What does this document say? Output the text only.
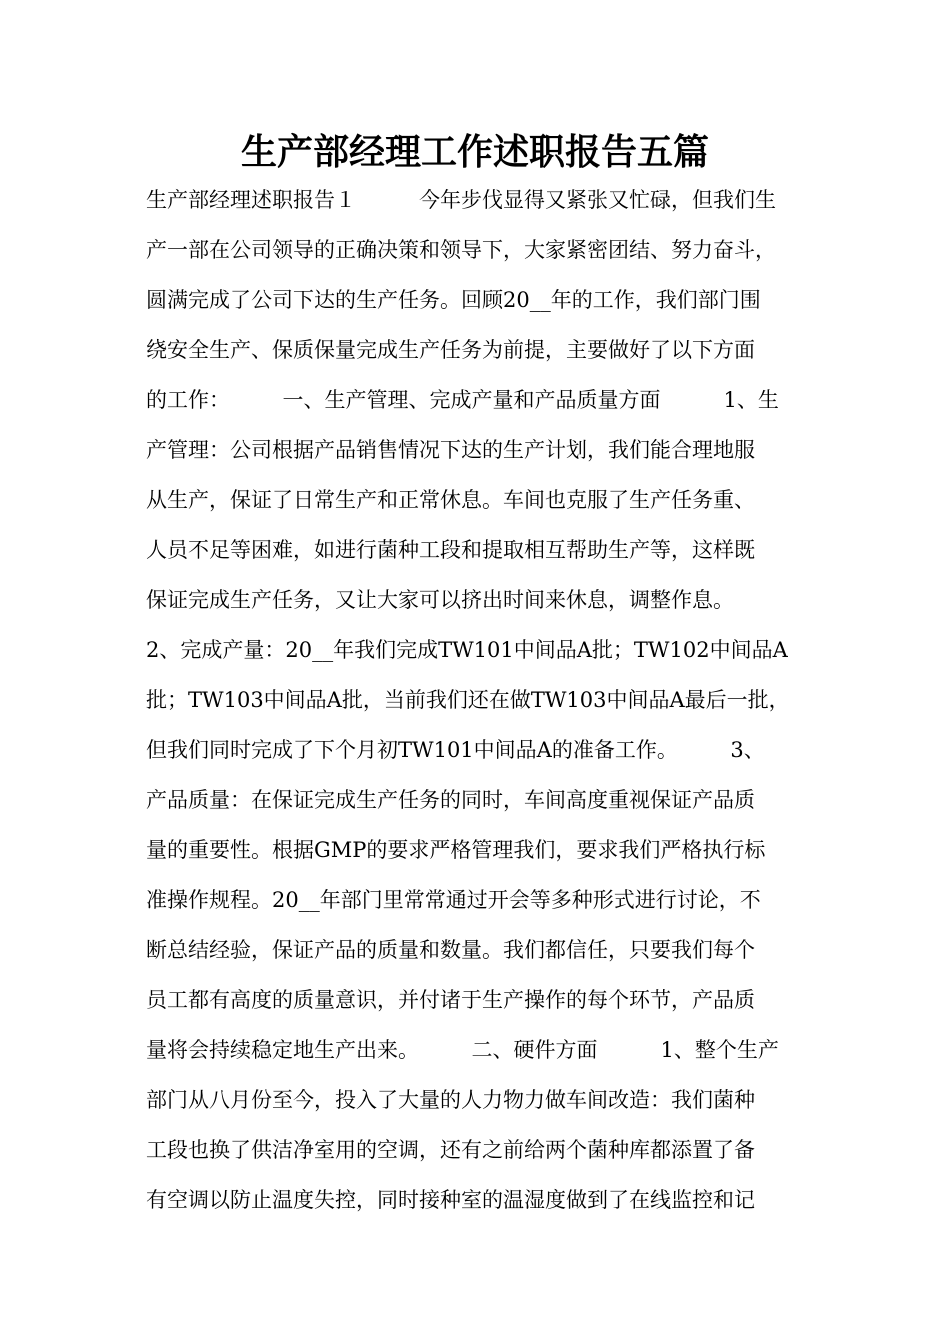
生产部经理工作述职报告五篇
生产部经理述职报告１　　　今年步伐显得又紧张又忙碌，但我们生
产一部在公司领导的正确决策和领导下，大家紧密团结、努力奋斗，
圆满完成了公司下达的生产任务。回顾20__年的工作，我们部门围
绕安全生产、保质保量完成生产任务为前提，主要做好了以下方面
的工作：　　　一、生产管理、完成产量和产品质量方面　　　1、生
产管理：公司根据产品销售情况下达的生产计划，我们能合理地服
从生产，保证了日常生产和正常休息。车间也克服了生产任务重、
人员不足等困难，如进行菌种工段和提取相互帮助生产等，这样既
保证完成生产任务，又让大家可以挤出时间来休息，调整作息。
2、完成产量：20__年我们完成TW101中间品A批；TW102中间品A
批；TW103中间品A批，当前我们还在做TW103中间品A最后一批，
但我们同时完成了下个月初TW101中间品A的准备工作。　　　3、
产品质量：在保证完成生产任务的同时，车间高度重视保证产品质
量的重要性。根据GMP的要求严格管理我们，要求我们严格执行标
准操作规程。20__年部门里常常通过开会等多种形式进行讨论，不
断总结经验，保证产品的质量和数量。我们都信任，只要我们每个
员工都有高度的质量意识，并付诸于生产操作的每个环节，产品质
量将会持续稳定地生产出来。　　　二、硬件方面　　　1、整个生产
部门从八月份至今，投入了大量的人力物力做车间改造：我们菌种
工段也换了供洁净室用的空调，还有之前给两个菌种库都添置了备
有空调以防止温度失控，同时接种室的温湿度做到了在线监控和记
